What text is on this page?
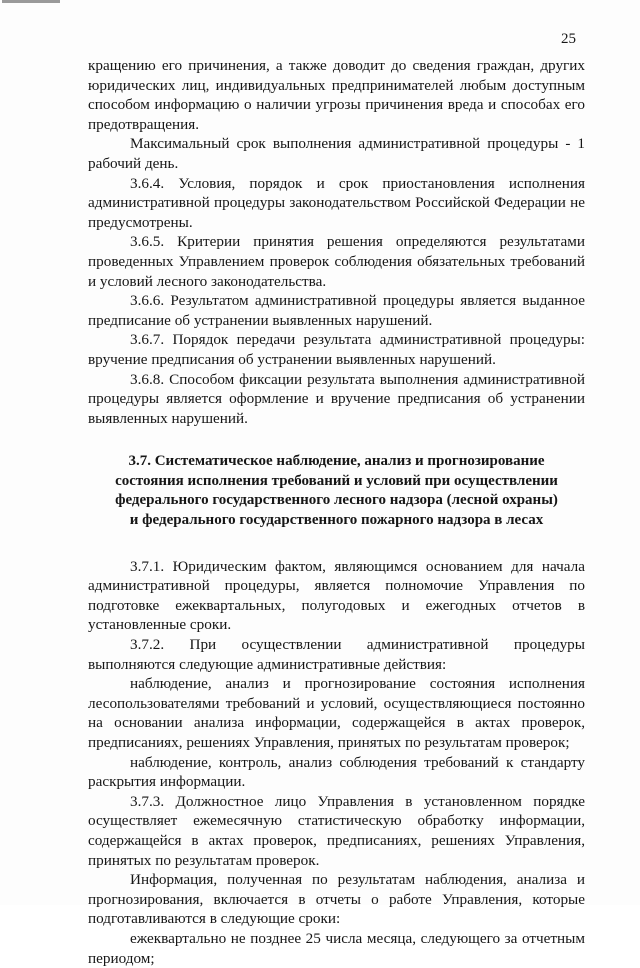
25

кращению его причинения, а также доводит до сведения граждан, других юридических лиц, индивидуальных предпринимателей любым доступным способом информацию о наличии угрозы причинения вреда и способах его предотвращения.

Максимальный срок выполнения административной процедуры - 1 рабочий день.

3.6.4. Условия, порядок и срок приостановления исполнения административной процедуры законодательством Российской Федерации не предусмотрены.

3.6.5. Критерии принятия решения определяются результатами проведенных Управлением проверок соблюдения обязательных требований и условий лесного законодательства.

3.6.6. Результатом административной процедуры является выданное предписание об устранении выявленных нарушений.

3.6.7. Порядок передачи результата административной процедуры: вручение предписания об устранении выявленных нарушений.

3.6.8. Способом фиксации результата выполнения административной процедуры является оформление и вручение предписания об устранении выявленных нарушений.

3.7. Систематическое наблюдение, анализ и прогнозирование
состояния исполнения требований и условий при осуществлении
федерального государственного лесного надзора (лесной охраны)
и федерального государственного пожарного надзора в лесах

3.7.1. Юридическим фактом, являющимся основанием для начала административной процедуры, является полномочие Управления по подготовке ежеквартальных, полугодовых и ежегодных отчетов в установленные сроки.

3.7.2. При осуществлении административной процедуры выполняются следующие административные действия:

наблюдение, анализ и прогнозирование состояния исполнения лесопользователями требований и условий, осуществляющиеся постоянно на основании анализа информации, содержащейся в актах проверок, предписаниях, решениях Управления, принятых по результатам проверок;

наблюдение, контроль, анализ соблюдения требований к стандарту раскрытия информации.

3.7.3. Должностное лицо Управления в установленном порядке осуществляет ежемесячную статистическую обработку информации, содержащейся в актах проверок, предписаниях, решениях Управления, принятых по результатам проверок.

Информация, полученная по результатам наблюдения, анализа и прогнозирования, включается в отчеты о работе Управления, которые подготавливаются в следующие сроки:

ежеквартально не позднее 25 числа месяца, следующего за отчетным периодом;
